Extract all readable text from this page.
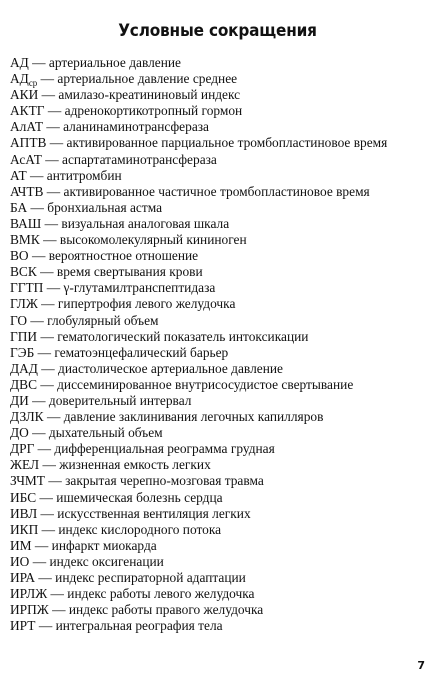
Условные сокращения
АД — артериальное давление
$АД_{ср}$ — артериальное давление среднее
АКИ — амилазо-креатининовый индекс
АКТГ — адренокортикотропный гормон
АлАТ — аланинаминотрансфераза
АПТВ — активированное парциальное тромбопластиновое время
АсАТ — аспартатаминотрансфераза
АТ — антитромбин
АЧТВ — активированное частичное тромбопластиновое время
БА — бронхиальная астма
ВАШ — визуальная аналоговая шкала
ВМК — высокомолекулярный кининоген
ВО — вероятностное отношение
ВСК — время свертывания крови
ГГТП — γ-глутамилтранспептидаза
ГЛЖ — гипертрофия левого желудочка
ГО — глобулярный объем
ГПИ — гематологический показатель интоксикации
ГЭБ — гематоэнцефалический барьер
ДАД — диастолическое артериальное давление
ДВС — диссеминированное внутрисосудистое свертывание
ДИ — доверительный интервал
ДЗЛК — давление заклинивания легочных капилляров
ДО — дыхательный объем
ДРГ — дифференциальная реограмма грудная
ЖЕЛ — жизненная емкость легких
ЗЧМТ — закрытая черепно-мозговая травма
ИБС — ишемическая болезнь сердца
ИВЛ — искусственная вентиляция легких
ИКП — индекс кислородного потока
ИМ — инфаркт миокарда
ИО — индекс оксигенации
ИРА — индекс респираторной адаптации
ИРЛЖ — индекс работы левого желудочка
ИРПЖ — индекс работы правого желудочка
ИРТ — интегральная реография тела
7
